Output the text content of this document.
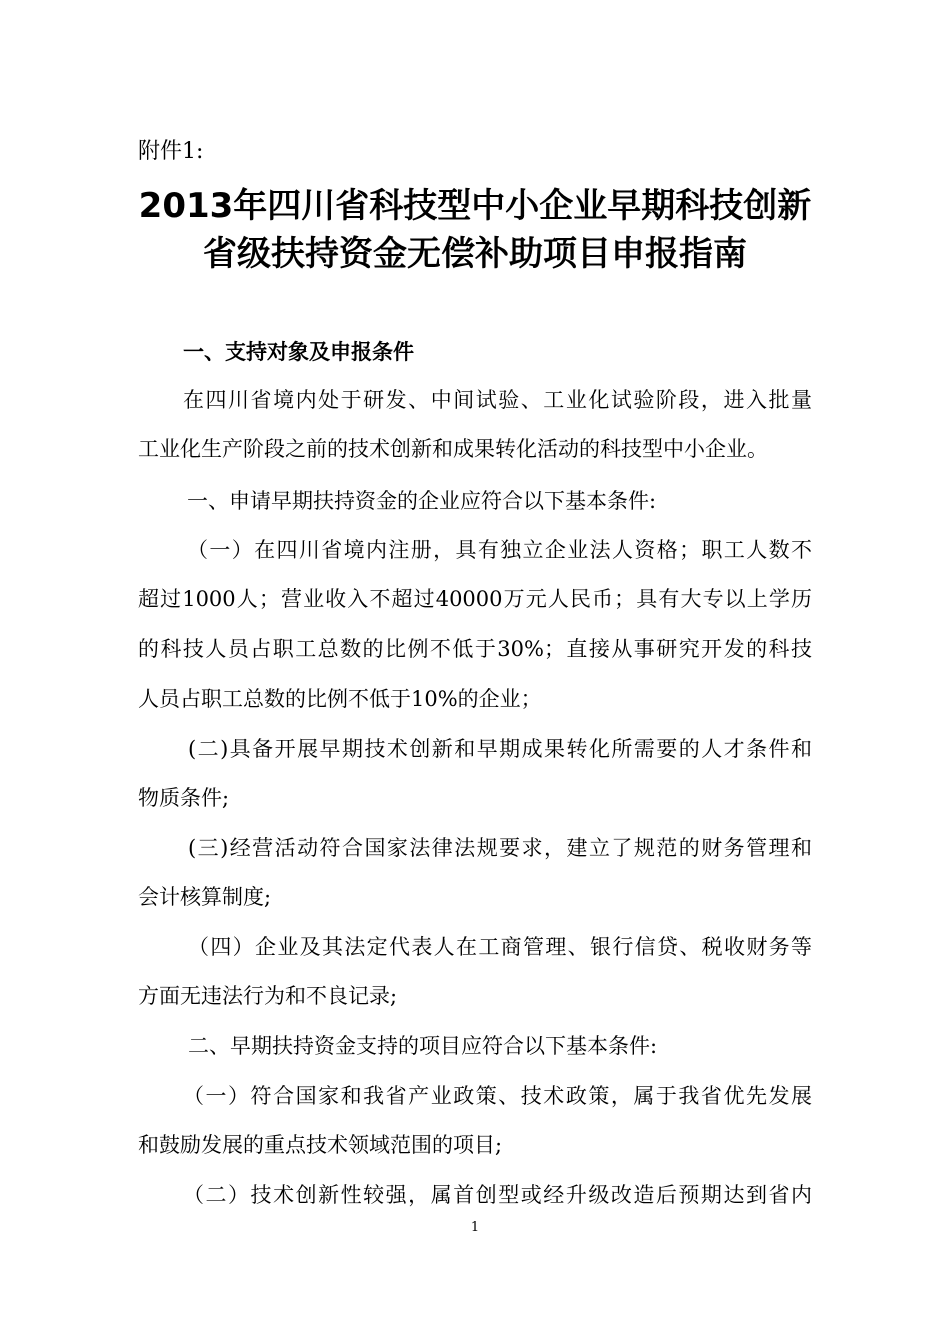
附件1:
2013年四川省科技型中小企业早期科技创新
省级扶持资金无偿补助项目申报指南
一、支持对象及申报条件
在四川省境内处于研发、中间试验、工业化试验阶段，进入批量
工业化生产阶段之前的技术创新和成果转化活动的科技型中小企业。
一、申请早期扶持资金的企业应符合以下基本条件:
（一）在四川省境内注册，具有独立企业法人资格；职工人数不
超过1000人；营业收入不超过40000万元人民币；具有大专以上学历
的科技人员占职工总数的比例不低于30%；直接从事研究开发的科技
人员占职工总数的比例不低于10%的企业；
(二)具备开展早期技术创新和早期成果转化所需要的人才条件和
物质条件;
(三)经营活动符合国家法律法规要求，建立了规范的财务管理和
会计核算制度;
（四）企业及其法定代表人在工商管理、银行信贷、税收财务等
方面无违法行为和不良记录;
二、早期扶持资金支持的项目应符合以下基本条件:
（一）符合国家和我省产业政策、技术政策，属于我省优先发展
和鼓励发展的重点技术领域范围的项目;
（二）技术创新性较强，属首创型或经升级改造后预期达到省内
1
